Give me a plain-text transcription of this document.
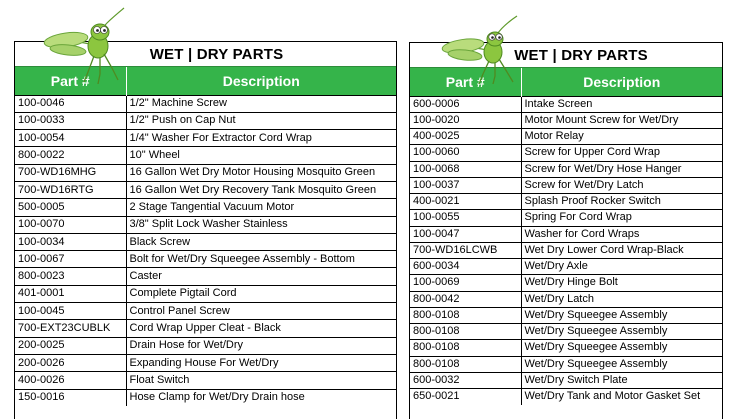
WET | DRY PARTS
Part #	Description
100-0046	1/2" Machine Screw
100-0033	1/2" Push on Cap Nut
100-0054	1/4" Washer For Extractor Cord Wrap
800-0022	10" Wheel
700-WD16MHG	16 Gallon Wet Dry Motor Housing Mosquito Green
700-WD16RTG	16 Gallon Wet Dry Recovery Tank Mosquito Green
500-0005	2 Stage Tangential Vacuum Motor
100-0070	3/8" Split Lock Washer Stainless
100-0034	Black Screw
100-0067	Bolt for Wet/Dry Squeegee Assembly - Bottom
800-0023	Caster
401-0001	Complete Pigtail Cord
100-0045	Control Panel Screw
700-EXT23CUBLK	Cord Wrap Upper Cleat - Black
200-0025	Drain Hose for Wet/Dry
200-0026	Expanding House For Wet/Dry
400-0026	Float Switch
150-0016	Hose Clamp for Wet/Dry Drain hose
WET | DRY PARTS
Part #	Description
600-0006	Intake Screen
100-0020	Motor Mount Screw for Wet/Dry
400-0025	Motor Relay
100-0060	Screw for Upper Cord Wrap
100-0068	Screw for Wet/Dry Hose Hanger
100-0037	Screw for Wet/Dry Latch
400-0021	Splash Proof Rocker Switch
100-0055	Spring For Cord Wrap
100-0047	Washer for Cord Wraps
700-WD16LCWB	Wet Dry Lower Cord Wrap-Black
600-0034	Wet/Dry Axle
100-0069	Wet/Dry Hinge Bolt
800-0042	Wet/Dry Latch
800-0108	Wet/Dry Squeegee Assembly
800-0108	Wet/Dry Squeegee Assembly
800-0108	Wet/Dry Squeegee Assembly
800-0108	Wet/Dry Squeegee Assembly
600-0032	Wet/Dry Switch Plate
650-0021	Wet/Dry Tank and Motor Gasket Set
